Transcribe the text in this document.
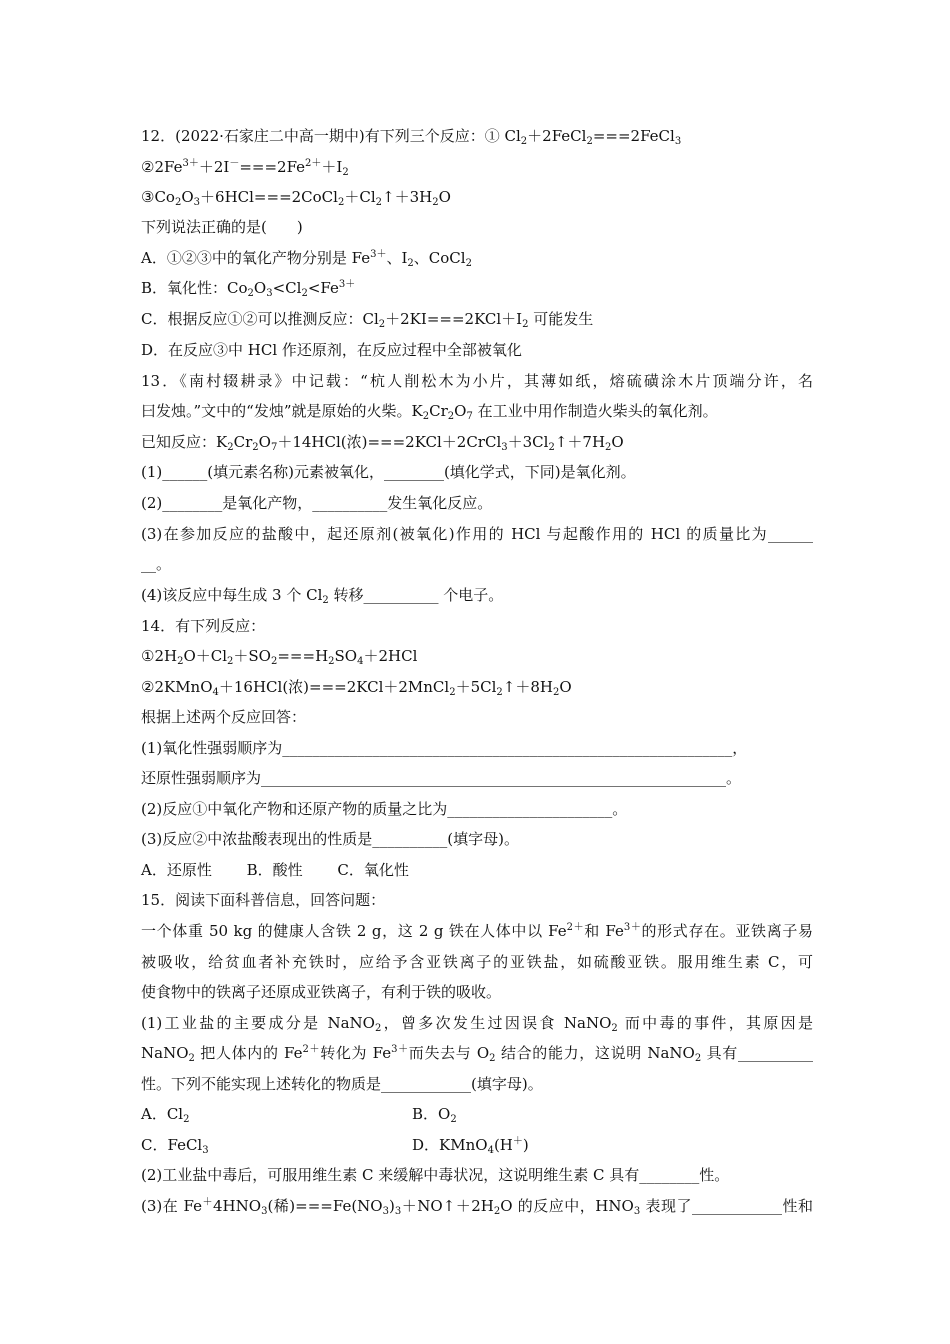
12．(2022·石家庄二中高一期中)有下列三个反应：① $Cl_2+2FeCl_2===2FeCl_3$

$②2Fe^{3+}+2I^-===2Fe^{2+}+I_2$

$③Co_2O_3+6HCl===2CoCl_2+Cl_2↑+3H_2O$

下列说法正确的是(　　)

A．①②③中的氧化产物分别是 $Fe^{3+}$、$I_2$、CoCl$_2$

B．氧化性：$Co_2O_3<Cl_2<Fe^{3+}$

C．根据反应①②可以推测反应：$Cl_2+2KI===2KCl+I_2$ 可能发生

D．在反应③中 HCl 作还原剂，在反应过程中全部被氧化

13．《南村辍耕录》中记载：“杭人削松木为小片，其薄如纸，熔硫磺涂木片顶端分许，名

曰发烛。”文中的“发烛”就是原始的火柴。$K_2Cr_2O_7$ 在工业中用作制造火柴头的氧化剂。

已知反应：$K_2Cr_2O_7+14HCl$(浓)$===2KCl+2CrCl_3+3Cl_2↑+7H_2O$

(1)______(填元素名称)元素被氧化，________(填化学式，下同)是氧化剂。

(2)________是氧化产物，__________发生氧化反应。

(3)在参加反应的盐酸中，起还原剂(被氧化)作用的 HCl 与起酸作用的 HCl 的质量比为______

__。

(4)该反应中每生成 3 个 $Cl_2$ 转移__________ 个电子。

14．有下列反应：

$①2H_2O+Cl_2+SO_2===H_2SO_4+2HCl$

②2KMnO$_4$＋16HCl(浓)$===2KCl+2MnCl_2+5Cl_2↑+8H_2O$

根据上述两个反应回答：

(1)氧化性强弱顺序为____________________________________________________________，

还原性强弱顺序为______________________________________________________________。

(2)反应①中氧化产物和还原产物的质量之比为______________________。

(3)反应②中浓盐酸表现出的性质是__________(填字母)。

A．还原性　　 B．酸性　　 C．氧化性

15．阅读下面科普信息，回答问题：

一个体重 50 kg 的健康人含铁 2 g，这 2 g 铁在人体中以 $Fe^{2+}$和 $Fe^{3+}$的形式存在。亚铁离子易

被吸收，给贫血者补充铁时，应给予含亚铁离子的亚铁盐，如硫酸亚铁。服用维生素 C，可

使食物中的铁离子还原成亚铁离子，有利于铁的吸收。

(1)工业盐的主要成分是 NaNO$_2$，曾多次发生过因误食 NaNO$_2$ 而中毒的事件，其原因是

NaNO$_2$ 把人体内的 $Fe^{2+}$转化为 $Fe^{3+}$而失去与 $O_2$ 结合的能力，这说明 NaNO$_2$ 具有__________

性。下列不能实现上述转化的物质是____________(填字母)。

A．$Cl_2$	B．$O_2$
C．FeCl$_3$	D．KMnO$_4$(H＋)

(2)工业盐中毒后，可服用维生素 C 来缓解中毒状况，这说明维生素 C 具有________性。

(3)在 $Fe^+4HNO_3$(稀)$===Fe(NO_3)_3+NO↑+2H_2O$ 的反应中，$HNO_3$ 表现了____________性和
